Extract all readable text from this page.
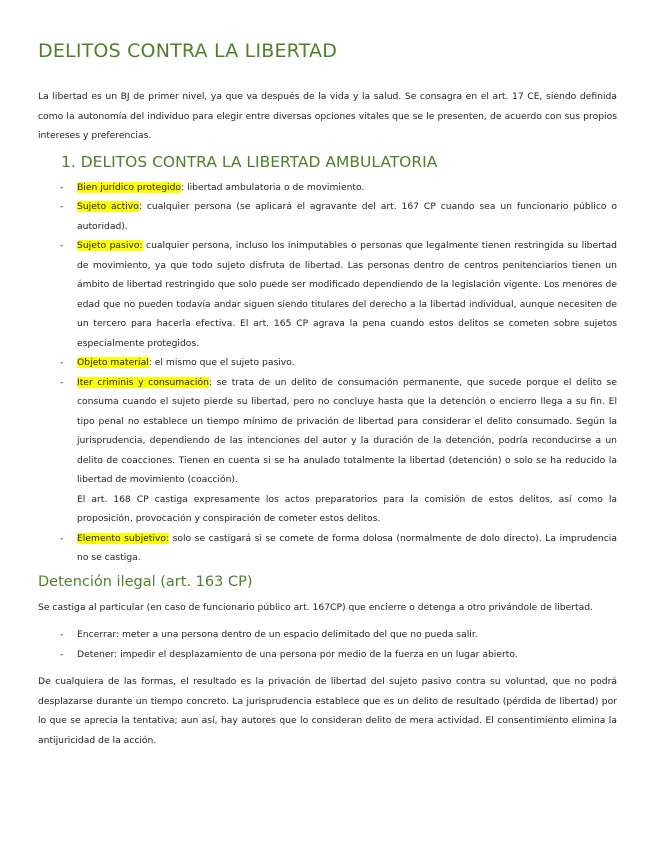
DELITOS CONTRA LA LIBERTAD

La libertad es un BJ de primer nivel, ya que va después de la vida y la salud. Se consagra en el art. 17 CE, siendo definida como la autonomía del individuo para elegir entre diversas opciones vitales que se le presenten, de acuerdo con sus propios intereses y preferencias.

1. DELITOS CONTRA LA LIBERTAD AMBULATORIA
- Bien jurídico protegido: libertad ambulatoria o de movimiento.
- Sujeto activo: cualquier persona (se aplicará el agravante del art. 167 CP cuando sea un funcionario público o autoridad).
- Sujeto pasivo: cualquier persona, incluso los inimputables o personas que legalmente tienen restringida su libertad de movimiento, ya que todo sujeto disfruta de libertad. Las personas dentro de centros penitenciarios tienen un ámbito de libertad restringido que solo puede ser modificado dependiendo de la legislación vigente. Los menores de edad que no pueden todavía andar siguen siendo titulares del derecho a la libertad individual, aunque necesiten de un tercero para hacerla efectiva. El art. 165 CP agrava la pena cuando estos delitos se cometen sobre sujetos especialmente protegidos.
- Objeto material: el mismo que el sujeto pasivo.
- Iter criminis y consumación: se trata de un delito de consumación permanente, que sucede porque el delito se consuma cuando el sujeto pierde su libertad, pero no concluye hasta que la detención o encierro llega a su fin. El tipo penal no establece un tiempo mínimo de privación de libertad para considerar el delito consumado. Según la jurisprudencia, dependiendo de las intenciones del autor y la duración de la detención, podría reconducirse a un delito de coacciones. Tienen en cuenta si se ha anulado totalmente la libertad (detención) o solo se ha reducido la libertad de movimiento (coacción).

El art. 168 CP castiga expresamente los actos preparatorios para la comisión de estos delitos, así como la proposición, provocación y conspiración de cometer estos delitos.

- Elemento subjetivo: solo se castigará si se comete de forma dolosa (normalmente de dolo directo). La imprudencia no se castiga.
Detención ilegal (art. 163 CP)

Se castiga al particular (en caso de funcionario público art. 167CP) que encierre o detenga a otro privándole de libertad.

- Encerrar: meter a una persona dentro de un espacio delimitado del que no pueda salir.
- Detener: impedir el desplazamiento de una persona por medio de la fuerza en un lugar abierto.

De cualquiera de las formas, el resultado es la privación de libertad del sujeto pasivo contra su voluntad, que no podrá desplazarse durante un tiempo concreto. La jurisprudencia establece que es un delito de resultado (pérdida de libertad) por lo que se aprecia la tentativa; aun así, hay autores que lo consideran delito de mera actividad. El consentimiento elimina la antijuricidad de la acción.
